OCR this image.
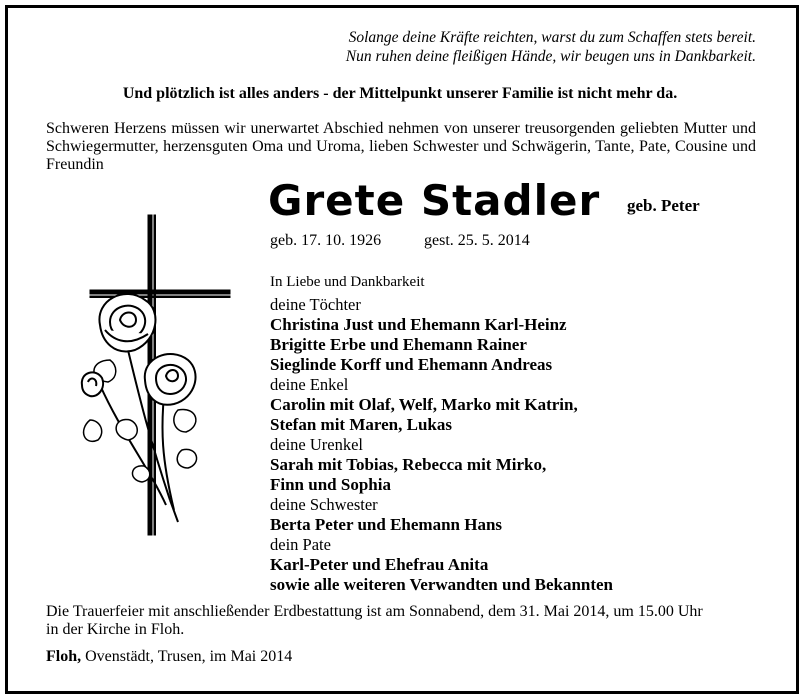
Solange deine Kräfte reichten, warst du zum Schaffen stets bereit.
Nun ruhen deine fleißigen Hände, wir beugen uns in Dankbarkeit.
Und plötzlich ist alles anders - der Mittelpunkt unserer Familie ist nicht mehr da.
Schweren Herzens müssen wir unerwartet Abschied nehmen von unserer treusorgenden geliebten Mutter und Schwiegermutter, herzensguten Oma und Uroma, lieben Schwester und Schwägerin, Tante, Pate, Cousine und Freundin
Grete Stadler geb. Peter
geb. 17. 10. 1926	gest. 25. 5. 2014
In Liebe und Dankbarkeit
deine Töchter
Christina Just und Ehemann Karl-Heinz
Brigitte Erbe und Ehemann Rainer
Sieglinde Korff und Ehemann Andreas
deine Enkel
Carolin mit Olaf, Welf, Marko mit Katrin,
Stefan mit Maren, Lukas
deine Urenkel
Sarah mit Tobias, Rebecca mit Mirko,
Finn und Sophia
deine Schwester
Berta Peter und Ehemann Hans
dein Pate
Karl-Peter und Ehefrau Anita
sowie alle weiteren Verwandten und Bekannten
Die Trauerfeier mit anschließender Erdbestattung ist am Sonnabend, dem 31. Mai 2014, um 15.00 Uhr
in der Kirche in Floh.
Floh, Ovenstädt, Trusen, im Mai 2014
